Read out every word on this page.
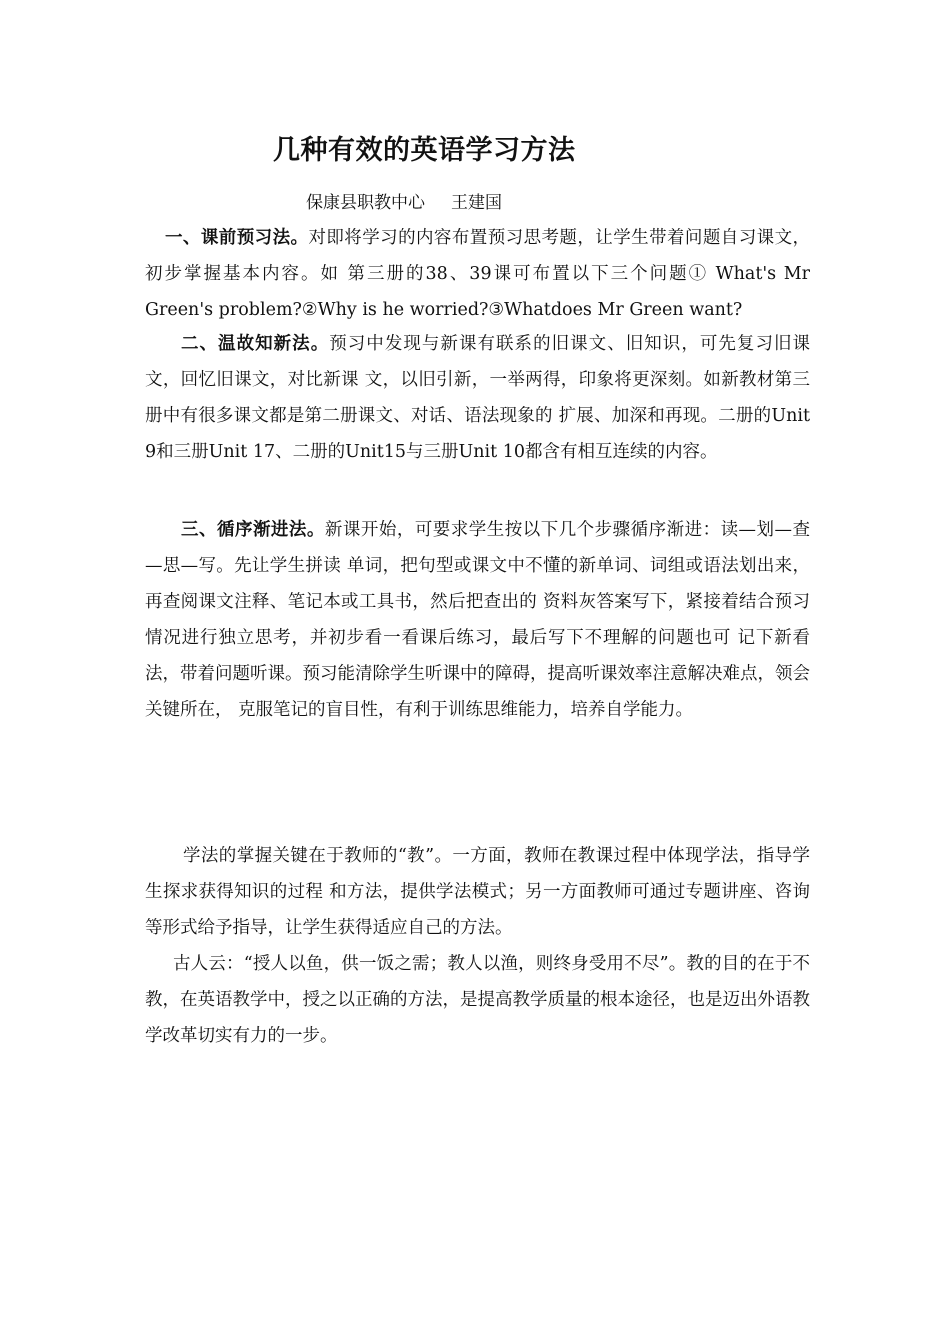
几种有效的英语学习方法
保康县职教中心 王建国

一、课前预习法。对即将学习的内容布置预习思考题，让学生带着问题自习课文，初步掌握基本内容。如 第三册的38、39课可布置以下三个问题① What's Mr Green's problem?②Why is he worried?③Whatdoes Mr Green want?

二、温故知新法。预习中发现与新课有联系的旧课文、旧知识，可先复习旧课文，回忆旧课文，对比新课 文，以旧引新，一举两得，印象将更深刻。如新教材第三册中有很多课文都是第二册课文、对话、语法现象的 扩展、加深和再现。二册的Unit 9和三册Unit 17、二册的Unit15与三册Unit 10都含有相互连续的内容。

三、循序渐进法。新课开始，可要求学生按以下几个步骤循序渐进：读—划—查—思—写。先让学生拼读 单词，把句型或课文中不懂的新单词、词组或语法划出来，再查阅课文注释、笔记本或工具书，然后把查出的 资料灰答案写下，紧接着结合预习情况进行独立思考，并初步看一看课后练习，最后写下不理解的问题也可 记下新看法，带着问题听课。预习能清除学生听课中的障碍，提高听课效率注意解决难点，领会关键所在， 克服笔记的盲目性，有利于训练思维能力，培养自学能力。

学法的掌握关键在于教师的“教”。一方面，教师在教课过程中体现学法，指导学生探求获得知识的过程 和方法，提供学法模式；另一方面教师可通过专题讲座、咨询等形式给予指导，让学生获得适应自己的方法。

古人云：“授人以鱼，供一饭之需；教人以渔，则终身受用不尽”。教的目的在于不教，在英语教学中，授之以正确的方法，是提高教学质量的根本途径，也是迈出外语教学改革切实有力的一步。
